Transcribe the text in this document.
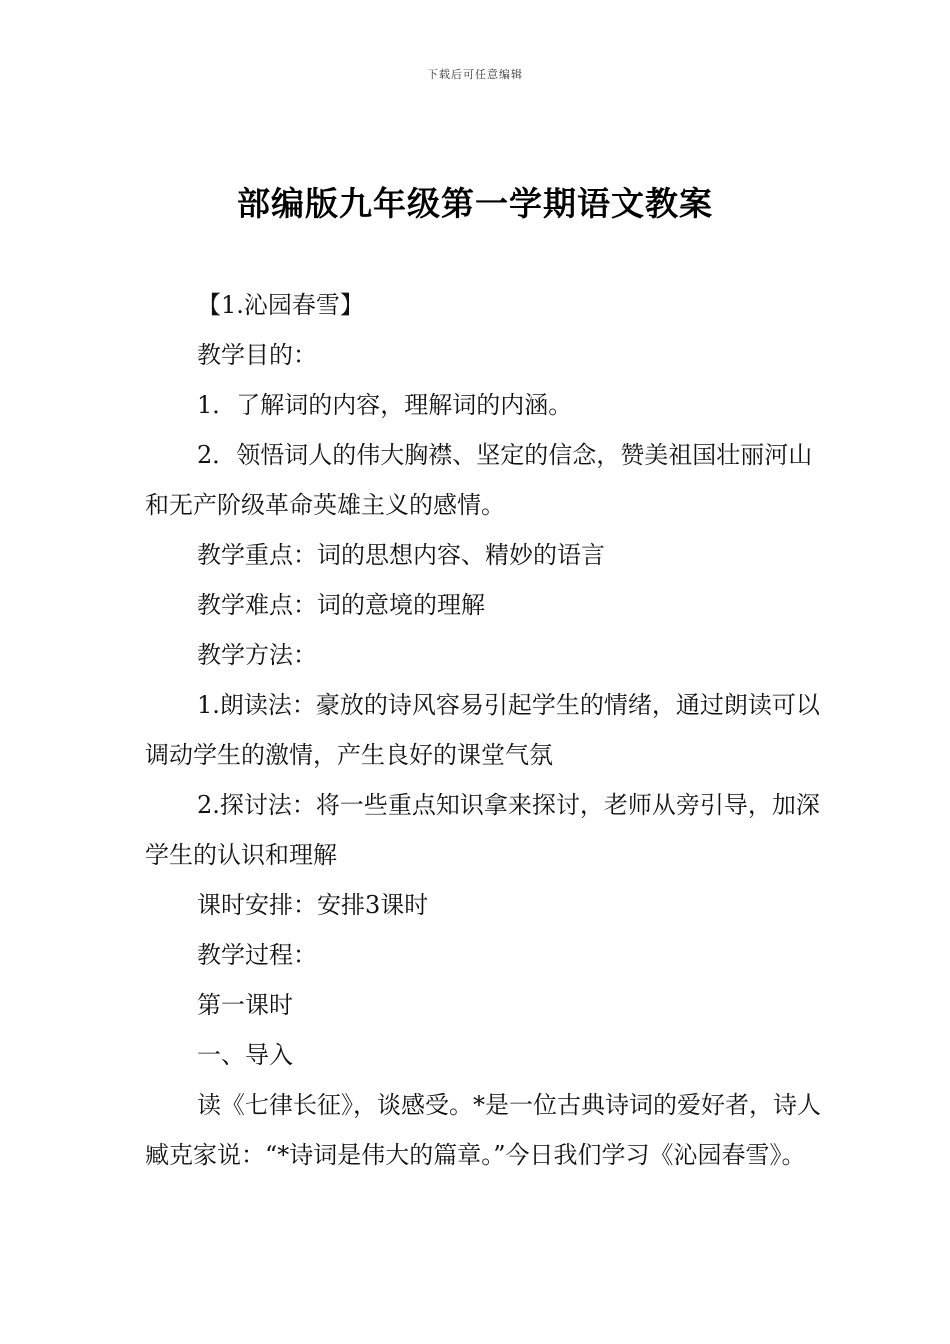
下载后可任意编辑
部编版九年级第一学期语文教案

【1.沁园春雪】

教学目的：

1．了解词的内容，理解词的内涵。

2．领悟词人的伟大胸襟、坚定的信念，赞美祖国壮丽河山和无产阶级革命英雄主义的感情。

教学重点：词的思想内容、精妙的语言

教学难点：词的意境的理解

教学方法：

1.朗读法：豪放的诗风容易引起学生的情绪，通过朗读可以调动学生的激情，产生良好的课堂气氛

2.探讨法：将一些重点知识拿来探讨，老师从旁引导，加深学生的认识和理解

课时安排：安排3课时

教学过程：

第一课时

一、导入

读《七律长征》，谈感受。*是一位古典诗词的爱好者，诗人臧克家说：“*诗词是伟大的篇章。”今日我们学习《沁园春雪》。
